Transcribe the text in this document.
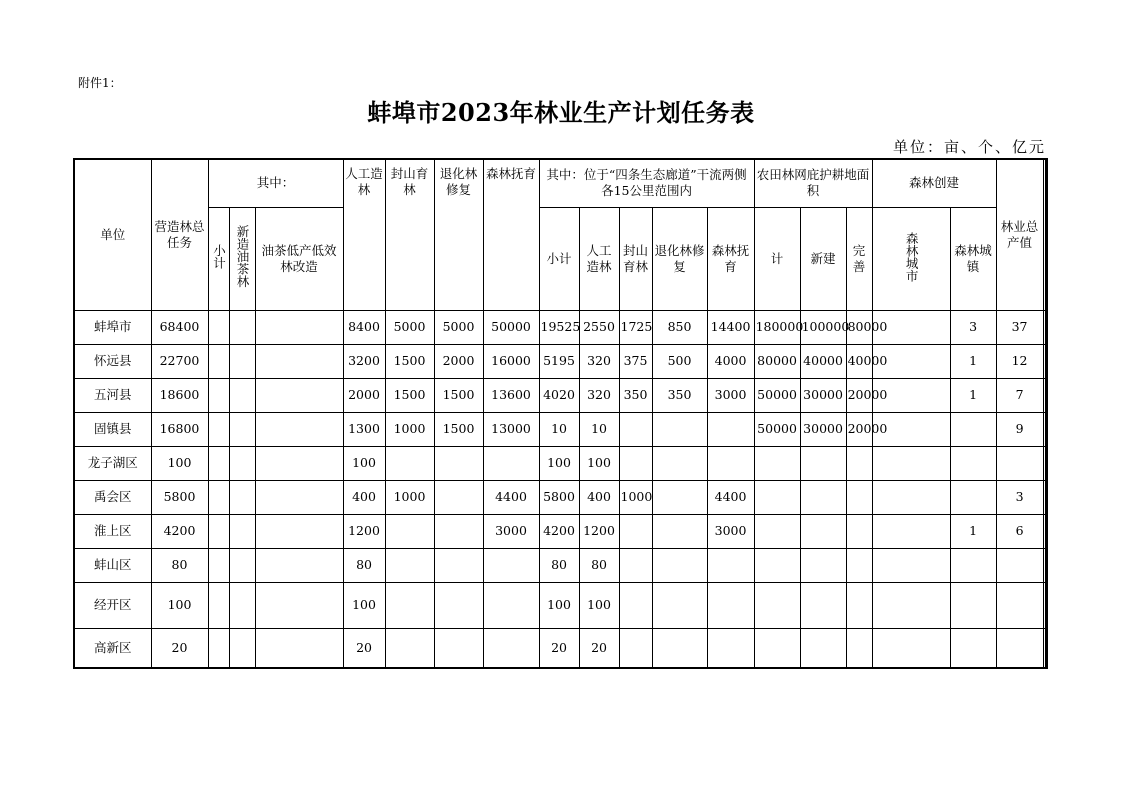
附件1：
蚌埠市2023年林业生产计划任务表
单位：亩、个、亿元
单位	营造林总任务	其中：			人工造林	封山育林	退化林修复	森林抚育	其中：位于“四条生态廊道”干流两侧各15公里范围内					农田林网庇护耕地面积			森林创建		林业总产值	
		小计	新造油茶林	油茶低产低效林改造					小计	人工造林	封山育林	退化林修复	森林抚育	计	新建	完善	森林城市	森林城镇	
蚌埠市	68400				8400	5000	5000	50000	19525	2550	1725	850	14400	180000	100000	80000		3	37		
怀远县	22700				3200	1500	2000	16000	5195	320	375	500	4000	80000	40000	40000		1	12		
五河县	18600				2000	1500	1500	13600	4020	320	350	350	3000	50000	30000	20000		1	7		
固镇县	16800				1300	1000	1500	13000	10	10				50000	30000	20000			9		
龙子湖区	100				100				100	100											
禹会区	5800				400	1000		4400	5800	400	1000		4400						3		
淮上区	4200				1200			3000	4200	1200			3000					1	6		
蚌山区	80				80				80	80											
经开区	100				100				100	100											
高新区	20				20				20	20											
